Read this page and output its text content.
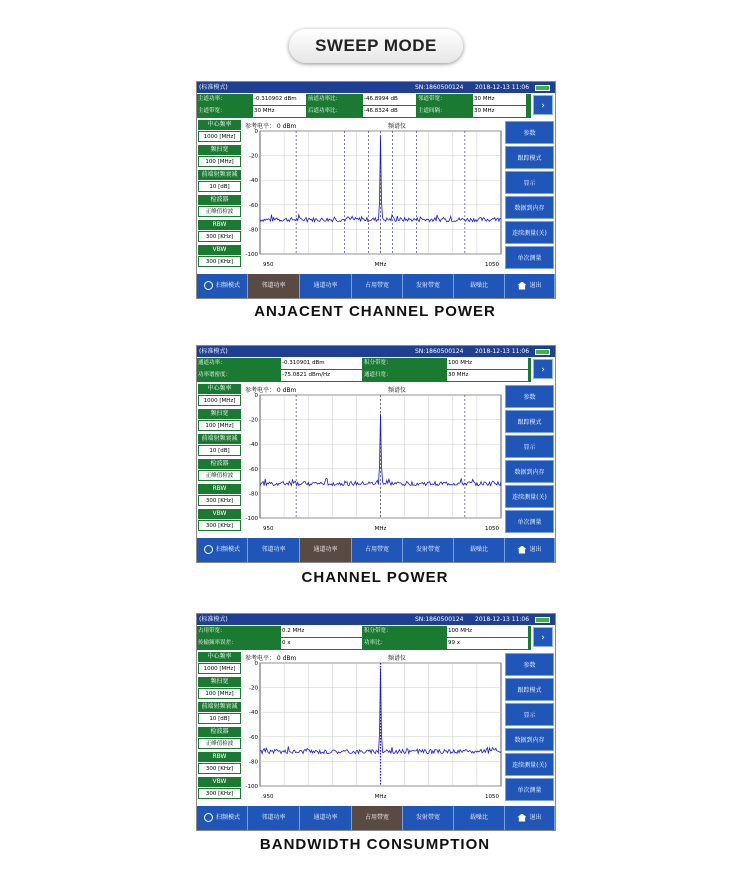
SWEEP MODE
(标准模式)	SN:1860500124 2018-12-13 11:06
主道功率：	-0.310902 dBm	前道功率比：	-46.8994 dB	邻道带宽：	30 MHz
主道带宽：	30 MHz	后道功率比：	-46.8324 dB	主道间隔：	30 MHz	›
中心频率
1000 [MHz]
频扫宽
100 [MHz]
前端射频衰减
10 [dB]
检波器
正峰值检波
RBW
300 [KHz]
VBW
300 [KHz]
参考电平： 0 dBm	频谱仪
0
-20
-40
-60
-80
-100
950	MHz	1050
参数
跟踪模式
显示
数据到内存
连续测量(关)
单次测量
扫频模式	邻道功率	通道功率	占用带宽	发射带宽	载噪比	退出
ANJACENT CHANNEL POWER
(标准模式)	SN:1860500124 2018-12-13 11:06
通道功率：	-0.310901 dBm	积分带宽：	100 MHz
功率谱密度：	-75.0821 dBm/Hz	通道扫宽：	30 MHz	›
中心频率
1000 [MHz]
频扫宽
100 [MHz]
前端射频衰减
10 [dB]
检波器
正峰值检波
RBW
300 [KHz]
VBW
300 [KHz]
参考电平： 0 dBm	频谱仪
0
-20
-40
-60
-80
-100
950	MHz	1050
参数
跟踪模式
显示
数据到内存
连续测量(关)
单次测量
扫频模式	邻道功率	通道功率	占用带宽	发射带宽	载噪比	退出
CHANNEL POWER
(标准模式)	SN:1860500124 2018-12-13 11:06
占用带宽：	0.2 MHz	积分带宽：	100 MHz
传输频率误差：	0 x	功率比：	99 x	›
中心频率
1000 [MHz]
频扫宽
100 [MHz]
前端射频衰减
10 [dB]
检波器
正峰值检波
RBW
300 [KHz]
VBW
300 [KHz]
参考电平： 0 dBm	频谱仪
0
-20
-40
-60
-80
-100
950	MHz	1050
参数
跟踪模式
显示
数据到内存
连续测量(关)
单次测量
扫频模式	邻道功率	通道功率	占用带宽	发射带宽	载噪比	退出
BANDWIDTH CONSUMPTION
